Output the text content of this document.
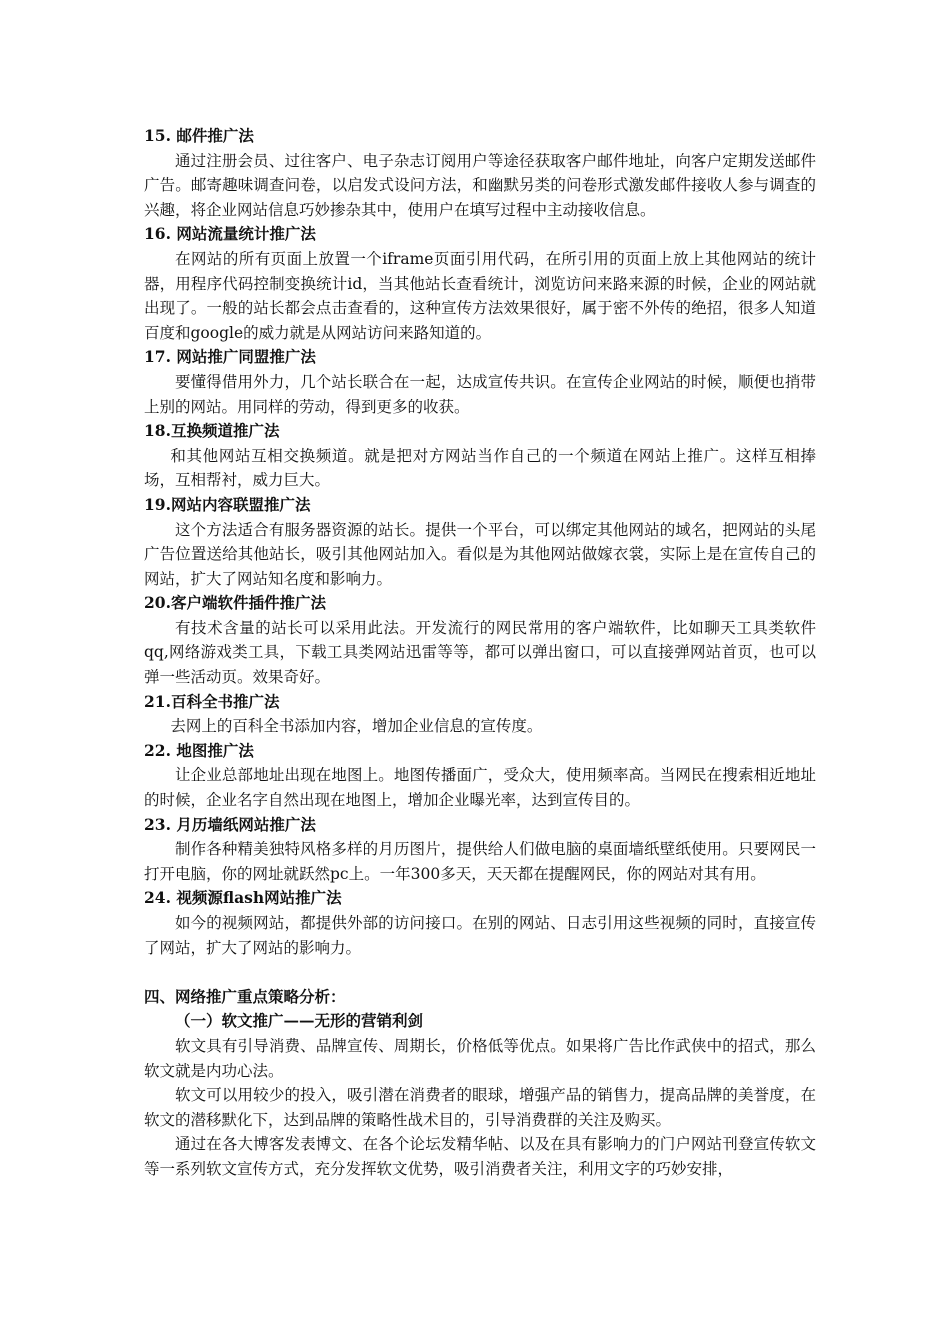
15. 邮件推广法
通过注册会员、过往客户、电子杂志订阅用户等途径获取客户邮件地址，向客户定期发送邮件广告。邮寄趣味调查问卷，以启发式设问方法，和幽默另类的问卷形式激发邮件接收人参与调查的兴趣，将企业网站信息巧妙掺杂其中，使用户在填写过程中主动接收信息。
16. 网站流量统计推广法
在网站的所有页面上放置一个iframe页面引用代码，在所引用的页面上放上其他网站的统计器，用程序代码控制变换统计id，当其他站长查看统计，浏览访问来路来源的时候，企业的网站就出现了。一般的站长都会点击查看的，这种宣传方法效果很好，属于密不外传的绝招，很多人知道百度和google的威力就是从网站访问来路知道的。
17. 网站推广同盟推广法
要懂得借用外力，几个站长联合在一起，达成宣传共识。在宣传企业网站的时候，顺便也捎带上别的网站。用同样的劳动，得到更多的收获。
18.互换频道推广法
和其他网站互相交换频道。就是把对方网站当作自己的一个频道在网站上推广。这样互相捧场，互相帮衬，威力巨大。
19.网站内容联盟推广法
这个方法适合有服务器资源的站长。提供一个平台，可以绑定其他网站的域名，把网站的头尾广告位置送给其他站长，吸引其他网站加入。看似是为其他网站做嫁衣裳，实际上是在宣传自己的网站，扩大了网站知名度和影响力。
20.客户端软件插件推广法
有技术含量的站长可以采用此法。开发流行的网民常用的客户端软件，比如聊天工具类软件qq,网络游戏类工具，下载工具类网站迅雷等等，都可以弹出窗口，可以直接弹网站首页，也可以弹一些活动页。效果奇好。
21.百科全书推广法
去网上的百科全书添加内容，增加企业信息的宣传度。
22. 地图推广法
让企业总部地址出现在地图上。地图传播面广，受众大，使用频率高。当网民在搜索相近地址的时候，企业名字自然出现在地图上，增加企业曝光率，达到宣传目的。
23. 月历墙纸网站推广法
制作各种精美独特风格多样的月历图片，提供给人们做电脑的桌面墙纸壁纸使用。只要网民一打开电脑，你的网址就跃然pc上。一年300多天，天天都在提醒网民，你的网站对其有用。
24. 视频源flash网站推广法
如今的视频网站，都提供外部的访问接口。在别的网站、日志引用这些视频的同时，直接宣传了网站，扩大了网站的影响力。
四、网络推广重点策略分析：
（一）软文推广——无形的营销利剑
软文具有引导消费、品牌宣传、周期长，价格低等优点。如果将广告比作武侠中的招式，那么软文就是内功心法。
软文可以用较少的投入，吸引潜在消费者的眼球，增强产品的销售力，提高品牌的美誉度，在软文的潜移默化下，达到品牌的策略性战术目的，引导消费群的关注及购买。
通过在各大博客发表博文、在各个论坛发精华帖、以及在具有影响力的门户网站刊登宣传软文等一系列软文宣传方式，充分发挥软文优势，吸引消费者关注，利用文字的巧妙安排，
